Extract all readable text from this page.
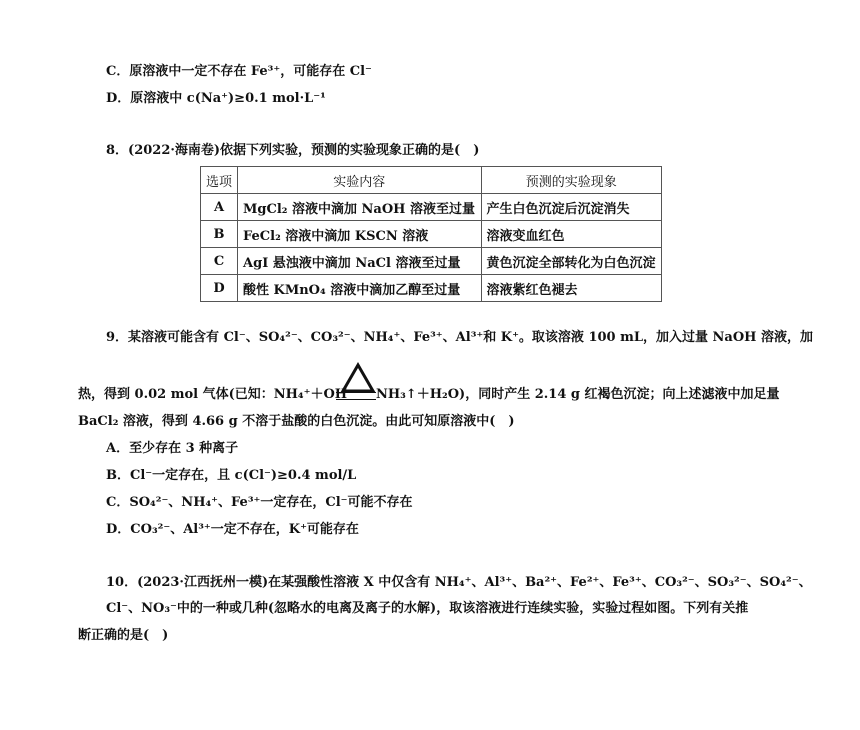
C．原溶液中一定不存在 Fe³⁺，可能存在 Cl⁻
D．原溶液中 c(Na⁺)≥0.1 mol·L⁻¹
8．(2022·海南卷)依据下列实验，预测的实验现象正确的是(　)
选项	实验内容	预测的实验现象
A	MgCl₂ 溶液中滴加 NaOH 溶液至过量	产生白色沉淀后沉淀消失
B	FeCl₂ 溶液中滴加 KSCN 溶液	溶液变血红色
C	AgI 悬浊液中滴加 NaCl 溶液至过量	黄色沉淀全部转化为白色沉淀
D	酸性 KMnO₄ 溶液中滴加乙醇至过量	溶液紫红色褪去
9．某溶液可能含有 Cl⁻、SO₄²⁻、CO₃²⁻、NH₄⁺、Fe³⁺、Al³⁺和 K⁺。取该溶液 100 mL，加入过量 NaOH 溶液，加
热，得到 0.02 mol 气体(已知：NH₄⁺＋OH⁻ NH₃↑＋H₂O)，同时产生 2.14 g 红褐色沉淀；向上述滤液中加足量
BaCl₂ 溶液，得到 4.66 g 不溶于盐酸的白色沉淀。由此可知原溶液中(　)
A．至少存在 3 种离子
B．Cl⁻一定存在，且 c(Cl⁻)≥0.4 mol/L
C．SO₄²⁻、NH₄⁺、Fe³⁺一定存在，Cl⁻可能不存在
D．CO₃²⁻、Al³⁺一定不存在，K⁺可能存在
10．(2023·江西抚州一模)在某强酸性溶液 X 中仅含有 NH₄⁺、Al³⁺、Ba²⁺、Fe²⁺、Fe³⁺、CO₃²⁻、SO₃²⁻、SO₄²⁻、
Cl⁻、NO₃⁻中的一种或几种(忽略水的电离及离子的水解)，取该溶液进行连续实验，实验过程如图。下列有关推
断正确的是(　)
